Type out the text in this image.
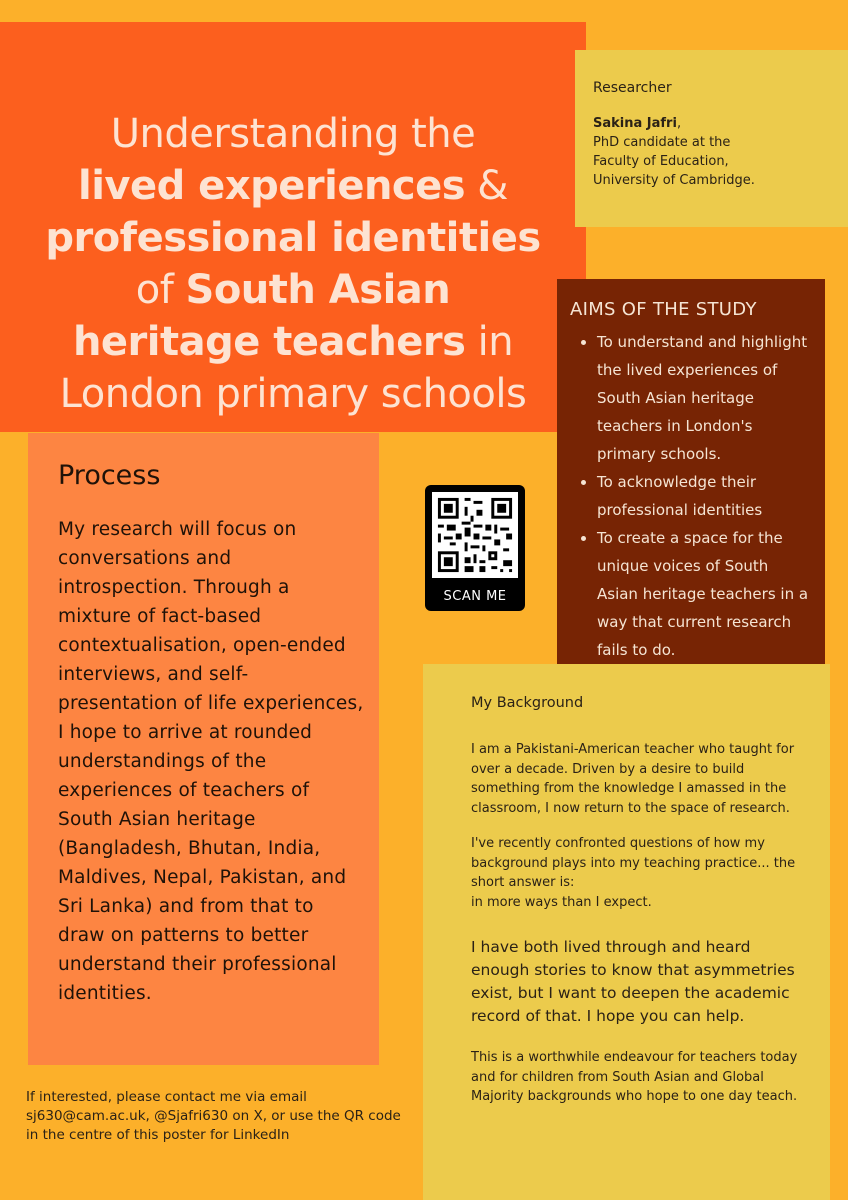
Understanding the
lived experiences &
professional identities
of South Asian
heritage teachers in
London primary schools
Researcher
Sakina Jafri,
PhD candidate at the
Faculty of Education,
University of Cambridge.
AIMS OF THE STUDY
• To understand and highlight the lived experiences of South Asian heritage teachers in London's primary schools.
• To acknowledge their professional identities
• To create a space for the unique voices of South Asian heritage teachers in a way that current research fails to do.
Process
My research will focus on conversations and introspection. Through a mixture of fact-based contextualisation, open-ended interviews, and self-presentation of life experiences, I hope to arrive at rounded understandings of the experiences of teachers of South Asian heritage (Bangladesh, Bhutan, India, Maldives, Nepal, Pakistan, and Sri Lanka) and from that to draw on patterns to better understand their professional identities.
SCAN ME
My Background

I am a Pakistani-American teacher who taught for over a decade. Driven by a desire to build something from the knowledge I amassed in the classroom, I now return to the space of research.

I've recently confronted questions of how my background plays into my teaching practice... the short answer is:
in more ways than I expect.

I have both lived through and heard enough stories to know that asymmetries exist, but I want to deepen the academic record of that. I hope you can help.

This is a worthwhile endeavour for teachers today and for children from South Asian and Global Majority backgrounds who hope to one day teach.

If interested, please contact me via email sj630@cam.ac.uk, @Sjafri630 on X, or use the QR code in the centre of this poster for LinkedIn
